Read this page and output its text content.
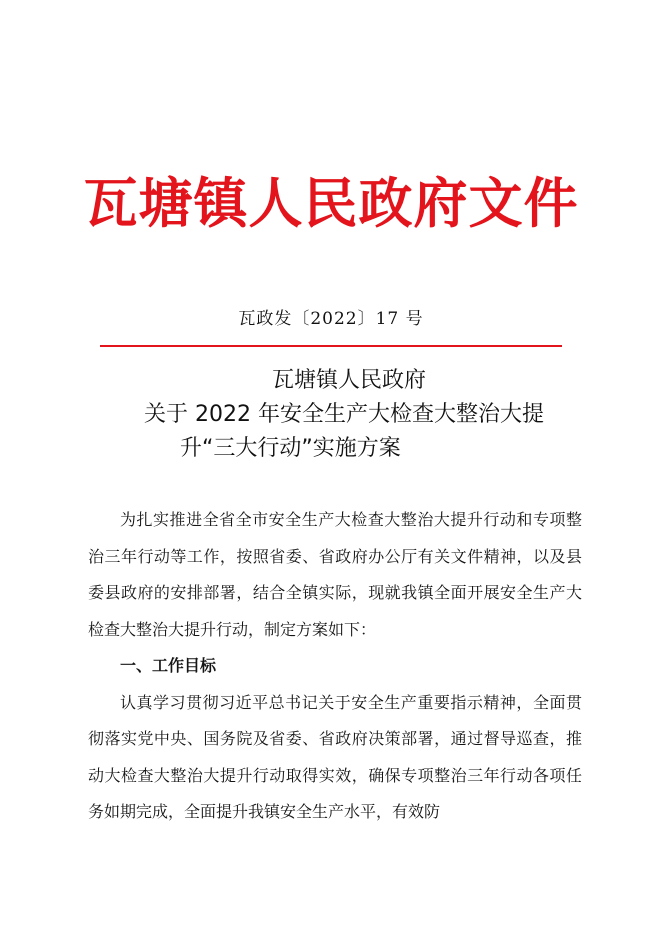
瓦塘镇人民政府文件
瓦政发〔2022〕17 号
瓦塘镇人民政府
关于 2022 年安全生产大检查大整治大提
升“三大行动”实施方案

为扎实推进全省全市安全生产大检查大整治大提升行动和专项整治三年行动等工作，按照省委、省政府办公厅有关文件精神，以及县委县政府的安排部署，结合全镇实际，现就我镇全面开展安全生产大检查大整治大提升行动，制定方案如下：

一、工作目标

认真学习贯彻习近平总书记关于安全生产重要指示精神，全面贯彻落实党中央、国务院及省委、省政府决策部署，通过督导巡查，推动大检查大整治大提升行动取得实效，确保专项整治三年行动各项任务如期完成，全面提升我镇安全生产水平，有效防
